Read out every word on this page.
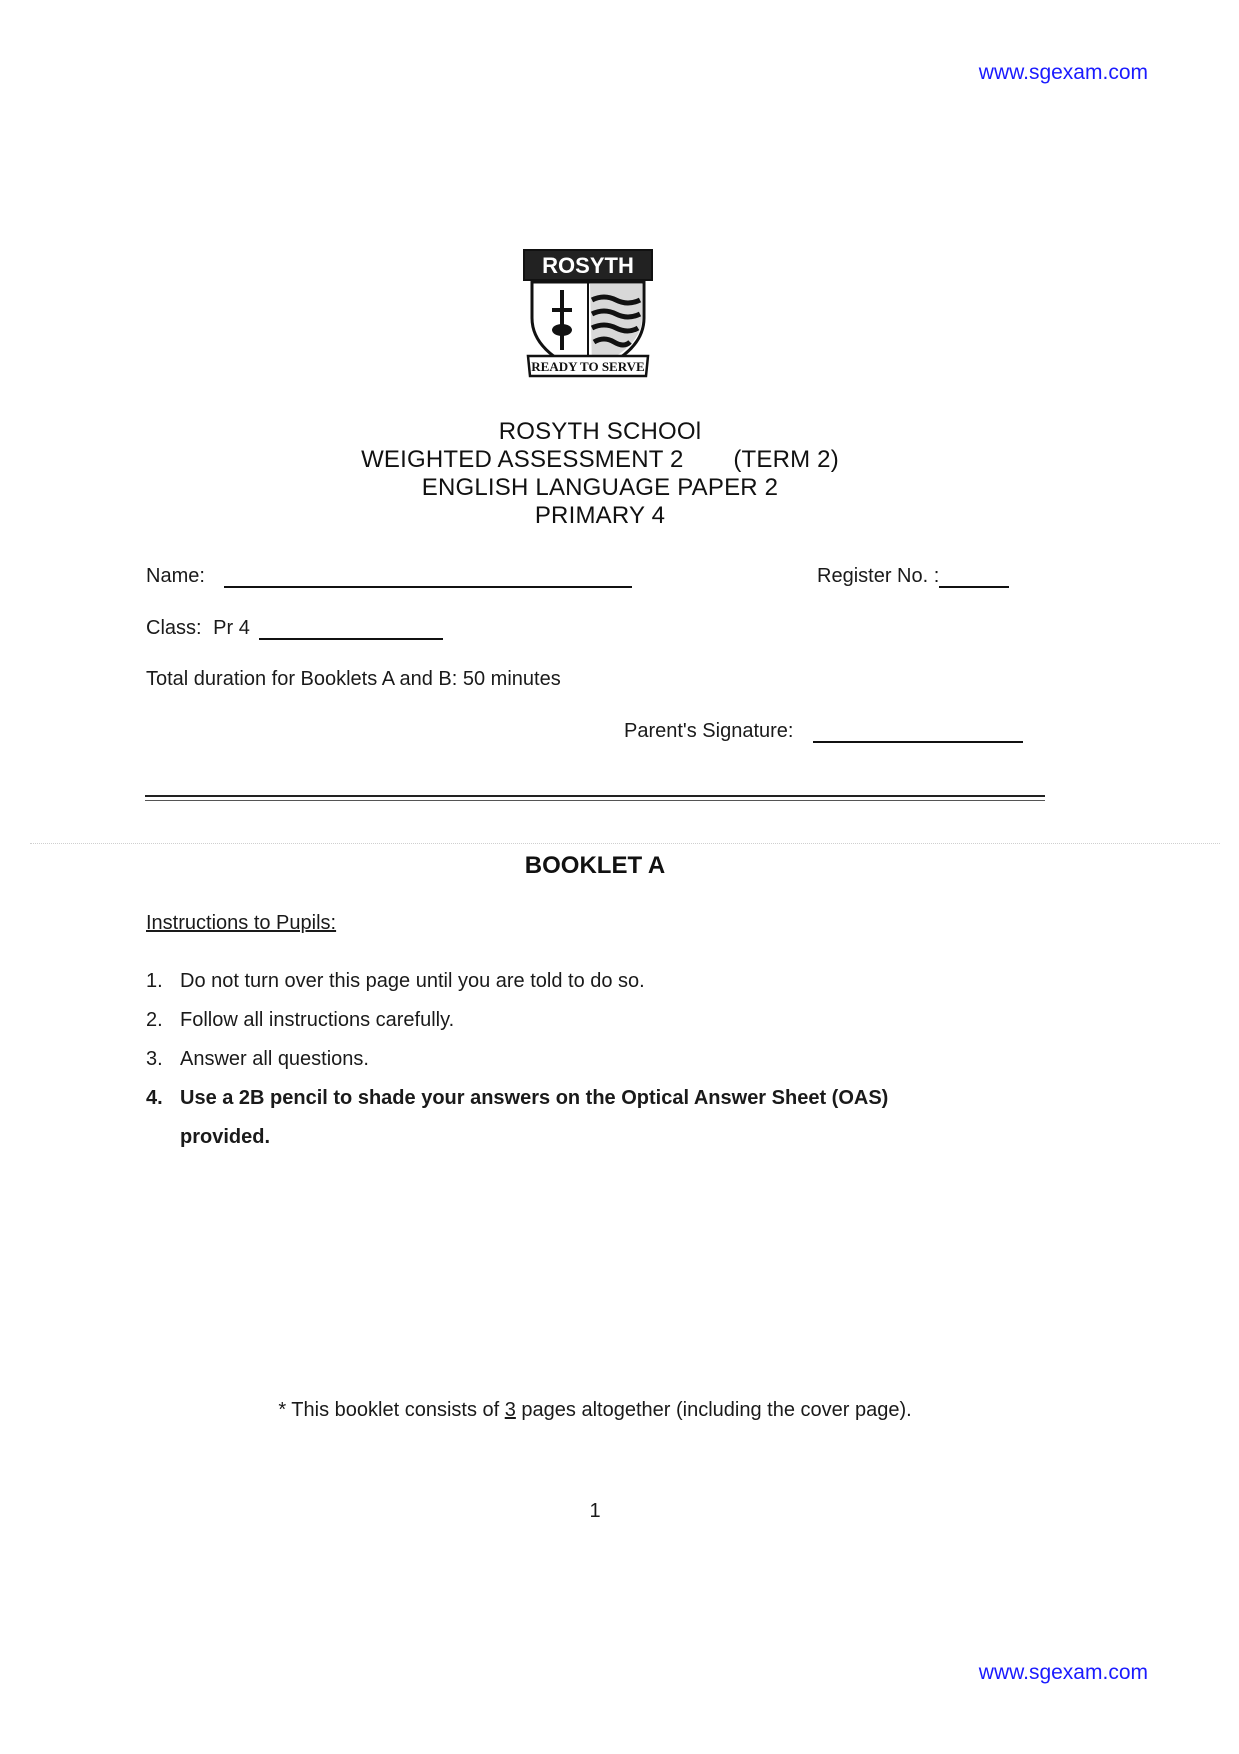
www.sgexam.com
ROSYTH
READY TO SERVE
ROSYTH SCHOOl
WEIGHTED ASSESSMENT 2 (TERM 2)
ENGLISH LANGUAGE PAPER 2
PRIMARY 4
Name:	Register No. :
Class: Pr 4
Total duration for Booklets A and B: 50 minutes
Parent's Signature:
BOOKLET A
Instructions to Pupils:
1. Do not turn over this page until you are told to do so.
2. Follow all instructions carefully.
3. Answer all questions.
4. Use a 2B pencil to shade your answers on the Optical Answer Sheet (OAS) provided.
* This booklet consists of 3 pages altogether (including the cover page).
1
www.sgexam.com
